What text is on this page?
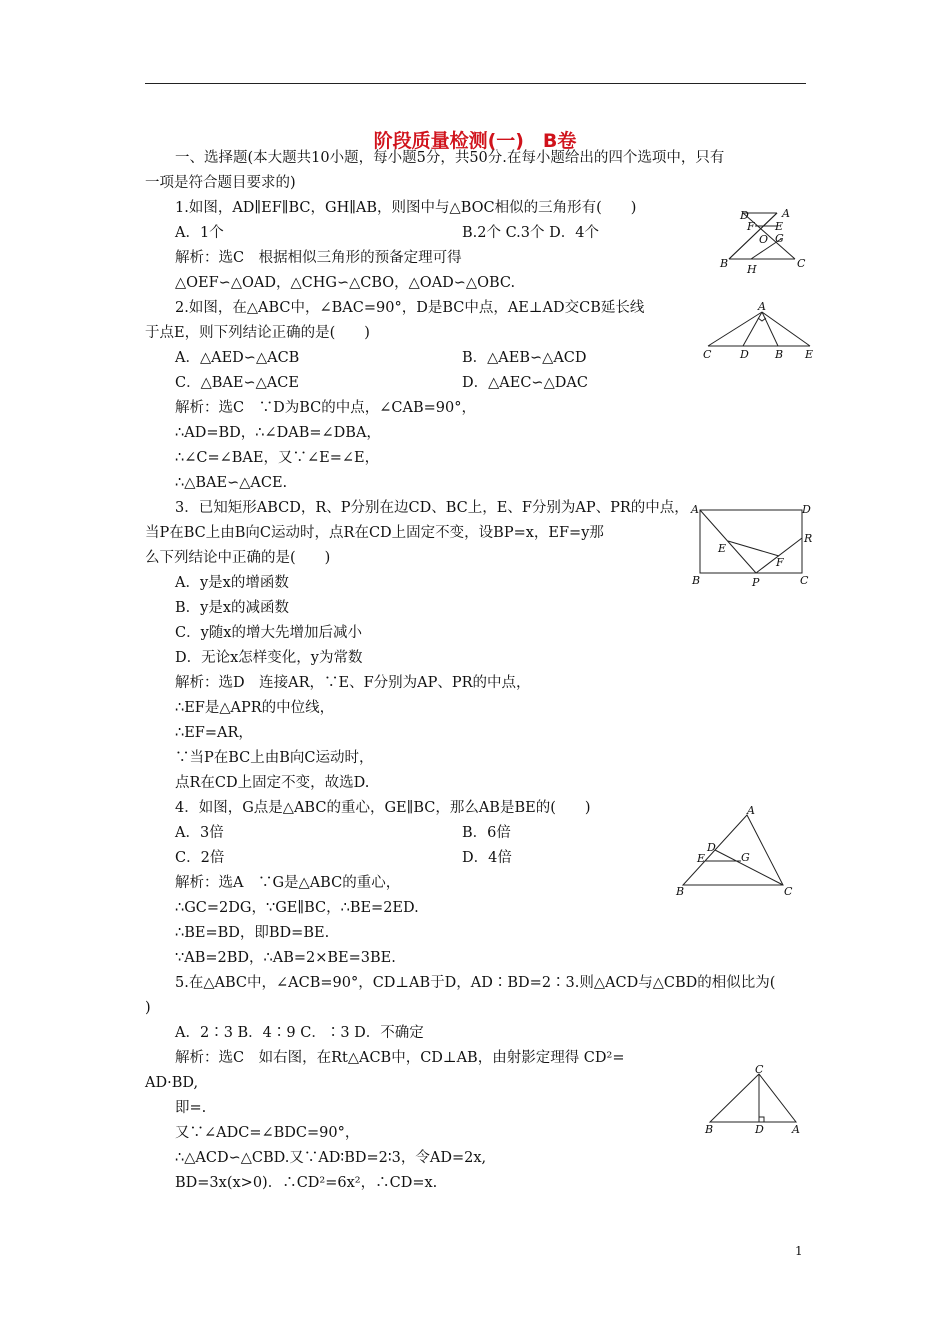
阶段质量检测(一)　B卷
一、选择题(本大题共10小题，每小题5分，共50分.在每小题给出的四个选项中，只有
一项是符合题目要求的)
1.如图，AD∥EF∥BC，GH∥AB，则图中与△BOC相似的三角形有(　　)
A．1个	B.2个 C.3个 D．4个
解析：选C　根据相似三角形的预备定理可得
△OEF∽△OAD，△CHG∽△CBO，△OAD∽△OBC.
2.如图，在△ABC中，∠BAC=90°，D是BC中点，AE⊥AD交CB延长线
于点E，则下列结论正确的是(　　)
A．△AED∽△ACB	B．△AEB∽△ACD
C．△BAE∽△ACE	D．△AEC∽△DAC
解析：选C　∵D为BC的中点，∠CAB=90°，
∴AD=BD，∴∠DAB=∠DBA，
∴∠C=∠BAE，又∵∠E=∠E，
∴△BAE∽△ACE.
3．已知矩形ABCD，R、P分别在边CD、BC上，E、F分别为AP、PR的中点，
当P在BC上由B向C运动时，点R在CD上固定不变，设BP=x，EF=y那
么下列结论中正确的是(　　)
A．y是x的增函数
B．y是x的减函数
C．y随x的增大先增加后减小
D．无论x怎样变化，y为常数
解析：选D　连接AR，∵E、F分别为AP、PR的中点，
∴EF是△APR的中位线，
∴EF=AR，
∵当P在BC上由B向C运动时，
点R在CD上固定不变，故选D.
4．如图，G点是△ABC的重心，GE∥BC，那么AB是BE的(　　)
A．3倍	B．6倍
C．2倍	D．4倍
解析：选A　∵G是△ABC的重心，
∴GC=2DG，∵GE∥BC，∴BE=2ED.
∴BE=BD，即BD=BE.
∵AB=2BD，∴AB=2×BE=3BE.
5.在△ABC中，∠ACB=90°，CD⊥AB于D，AD∶BD=2∶3.则△ACD与△CBD的相似比为(
)
A．2∶3 B．4∶9 C．∶3 D．不确定
解析：选C　如右图，在Rt△ACB中，CD⊥AB，由射影定理得 CD²=
AD·BD,
即=.
又∵∠ADC=∠BDC=90°，
∴△ACD∽△CBD.又∵AD∶BD=2∶3，令AD=2x,
BD=3x(x>0)．∴CD²=6x²，∴CD=x.
1
D	A
F E
O G
B H	C
A
C	D B E
A	D
E
R
F
B	P	C
A
D
E	G
B	C
C
B	D	A
